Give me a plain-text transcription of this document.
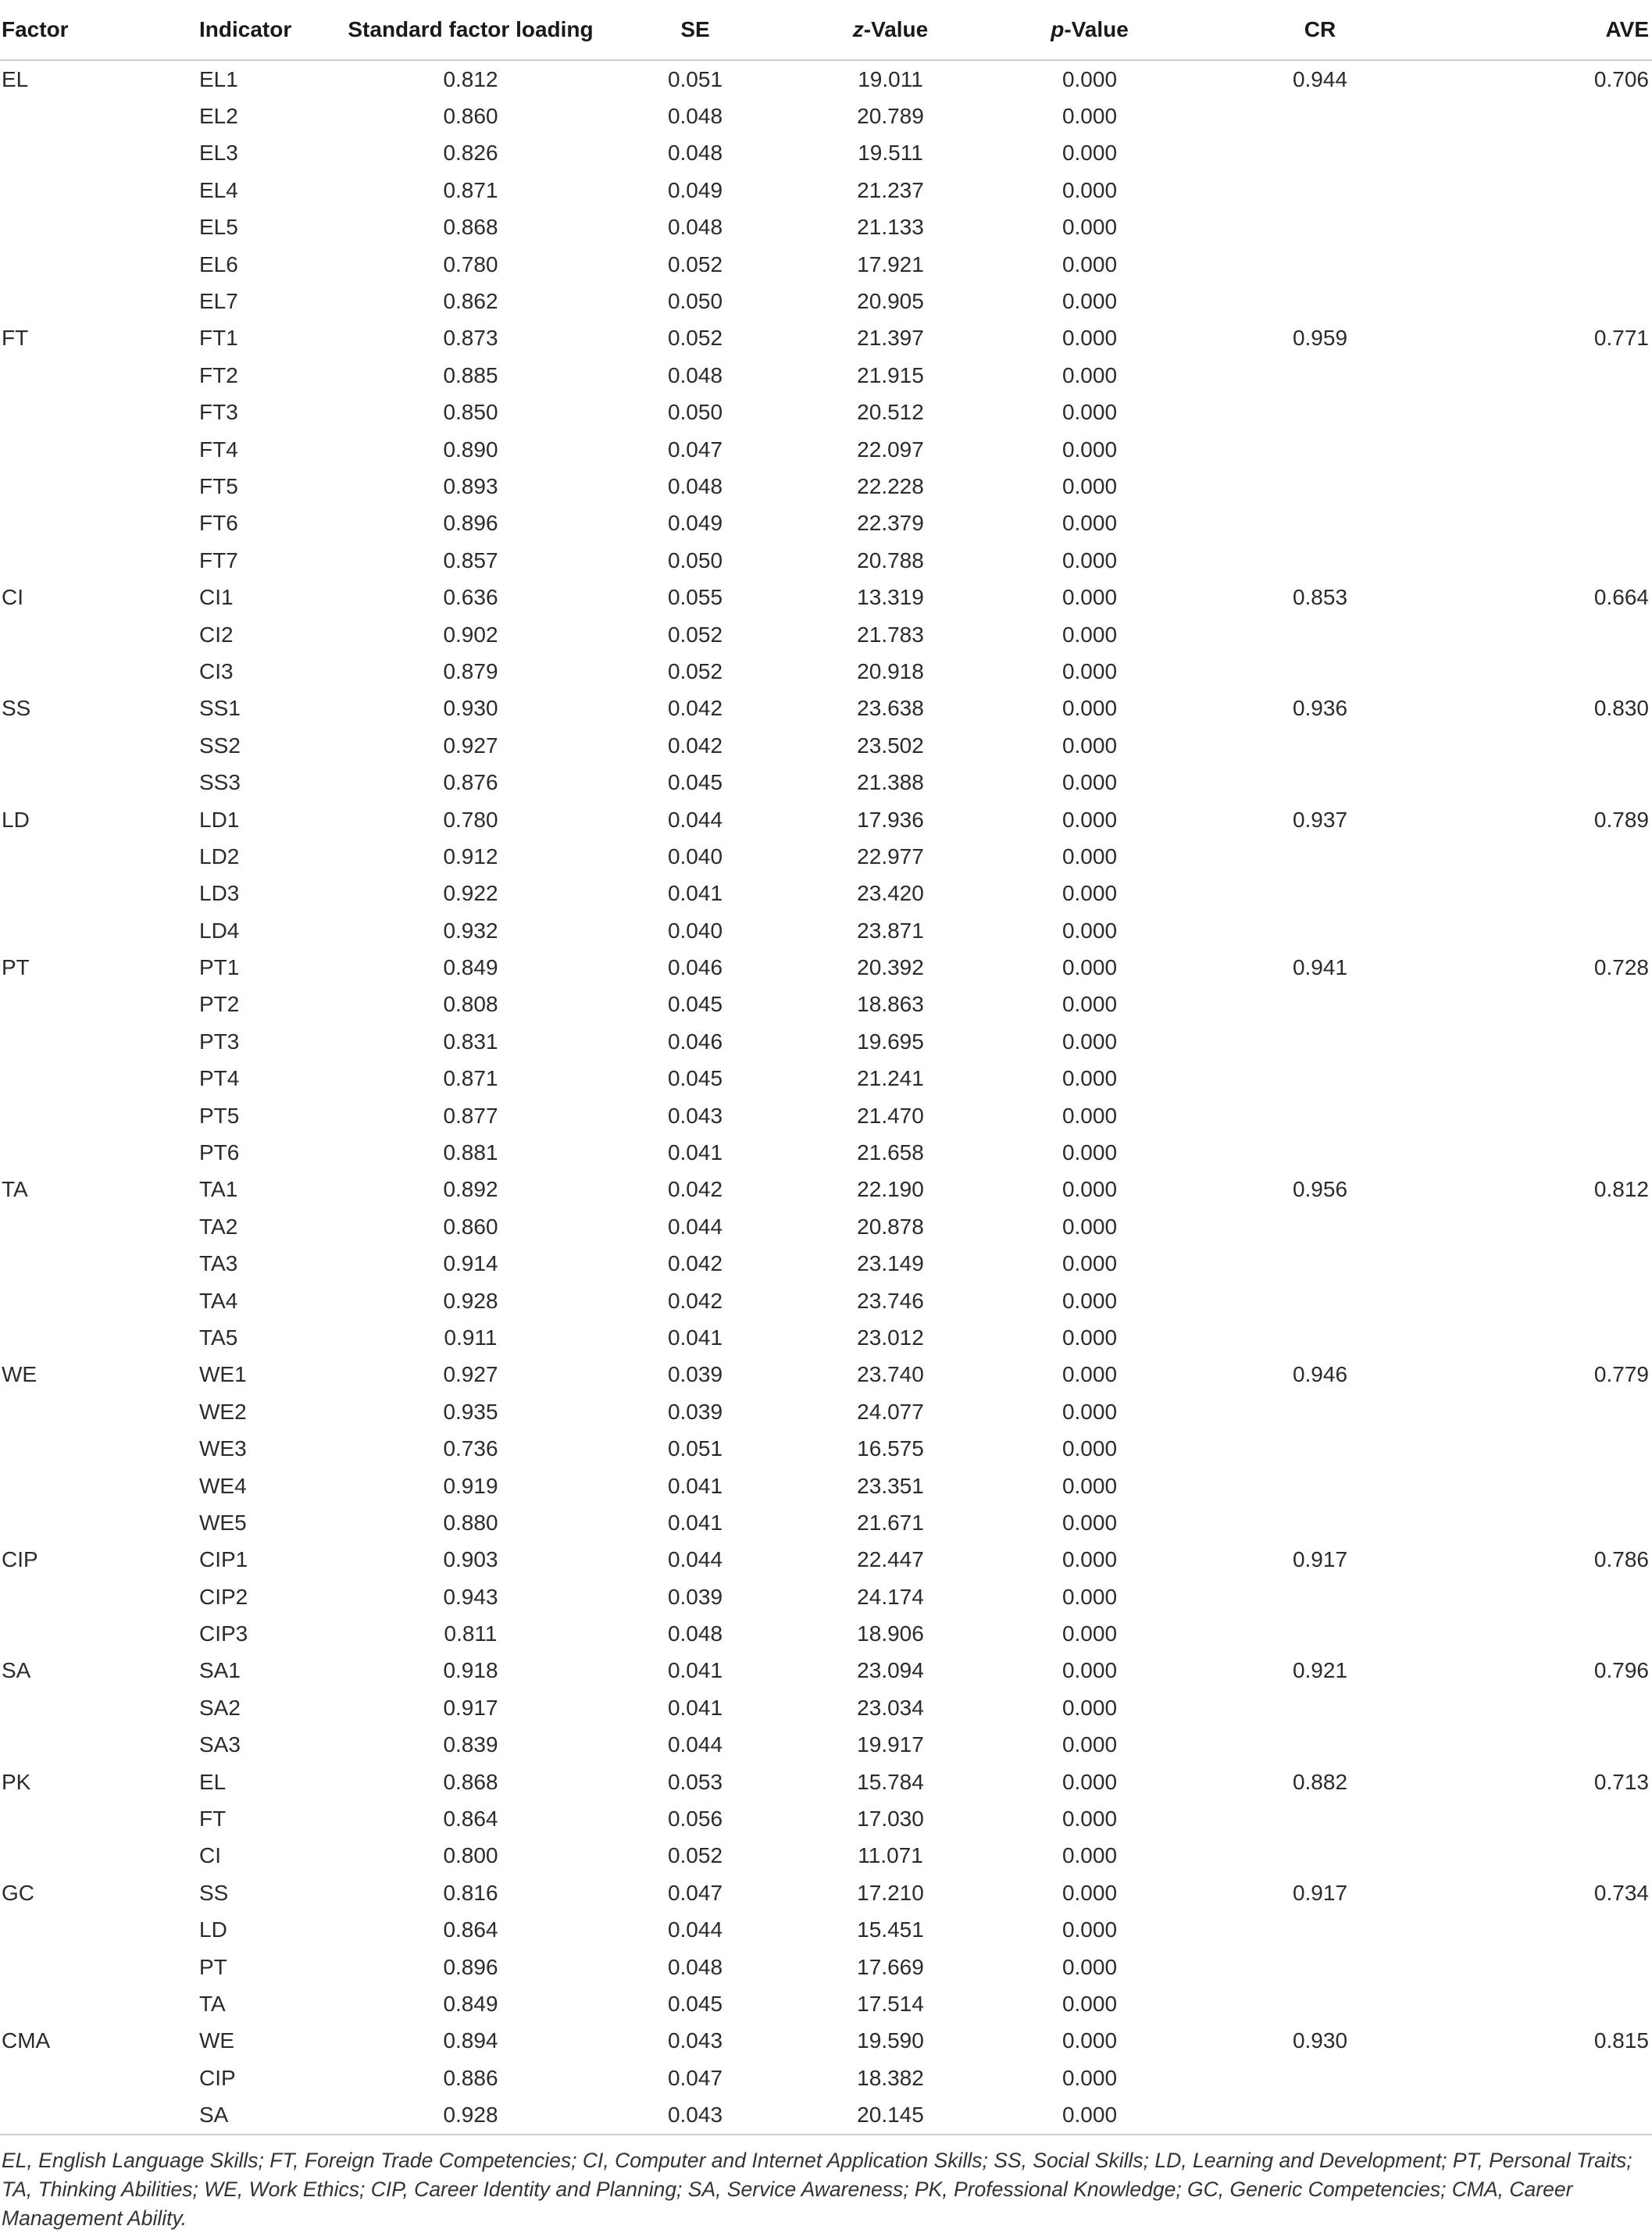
Factor	Indicator	Standard factor loading	SE	z-Value	p-Value	CR	AVE
EL	EL1	0.812	0.051	19.011	0.000	0.944	0.706
	EL2	0.860	0.048	20.789	0.000		
	EL3	0.826	0.048	19.511	0.000		
	EL4	0.871	0.049	21.237	0.000		
	EL5	0.868	0.048	21.133	0.000		
	EL6	0.780	0.052	17.921	0.000		
	EL7	0.862	0.050	20.905	0.000		
FT	FT1	0.873	0.052	21.397	0.000	0.959	0.771
	FT2	0.885	0.048	21.915	0.000		
	FT3	0.850	0.050	20.512	0.000		
	FT4	0.890	0.047	22.097	0.000		
	FT5	0.893	0.048	22.228	0.000		
	FT6	0.896	0.049	22.379	0.000		
	FT7	0.857	0.050	20.788	0.000		
CI	CI1	0.636	0.055	13.319	0.000	0.853	0.664
	CI2	0.902	0.052	21.783	0.000		
	CI3	0.879	0.052	20.918	0.000		
SS	SS1	0.930	0.042	23.638	0.000	0.936	0.830
	SS2	0.927	0.042	23.502	0.000		
	SS3	0.876	0.045	21.388	0.000		
LD	LD1	0.780	0.044	17.936	0.000	0.937	0.789
	LD2	0.912	0.040	22.977	0.000		
	LD3	0.922	0.041	23.420	0.000		
	LD4	0.932	0.040	23.871	0.000		
PT	PT1	0.849	0.046	20.392	0.000	0.941	0.728
	PT2	0.808	0.045	18.863	0.000		
	PT3	0.831	0.046	19.695	0.000		
	PT4	0.871	0.045	21.241	0.000		
	PT5	0.877	0.043	21.470	0.000		
	PT6	0.881	0.041	21.658	0.000		
TA	TA1	0.892	0.042	22.190	0.000	0.956	0.812
	TA2	0.860	0.044	20.878	0.000		
	TA3	0.914	0.042	23.149	0.000		
	TA4	0.928	0.042	23.746	0.000		
	TA5	0.911	0.041	23.012	0.000		
WE	WE1	0.927	0.039	23.740	0.000	0.946	0.779
	WE2	0.935	0.039	24.077	0.000		
	WE3	0.736	0.051	16.575	0.000		
	WE4	0.919	0.041	23.351	0.000		
	WE5	0.880	0.041	21.671	0.000		
CIP	CIP1	0.903	0.044	22.447	0.000	0.917	0.786
	CIP2	0.943	0.039	24.174	0.000		
	CIP3	0.811	0.048	18.906	0.000		
SA	SA1	0.918	0.041	23.094	0.000	0.921	0.796
	SA2	0.917	0.041	23.034	0.000		
	SA3	0.839	0.044	19.917	0.000		
PK	EL	0.868	0.053	15.784	0.000	0.882	0.713
	FT	0.864	0.056	17.030	0.000		
	CI	0.800	0.052	11.071	0.000		
GC	SS	0.816	0.047	17.210	0.000	0.917	0.734
	LD	0.864	0.044	15.451	0.000		
	PT	0.896	0.048	17.669	0.000		
	TA	0.849	0.045	17.514	0.000		
CMA	WE	0.894	0.043	19.590	0.000	0.930	0.815
	CIP	0.886	0.047	18.382	0.000		
	SA	0.928	0.043	20.145	0.000		
EL, English Language Skills; FT, Foreign Trade Competencies; CI, Computer and Internet Application Skills; SS, Social Skills; LD, Learning and Development; PT, Personal Traits; TA, Thinking Abilities; WE, Work Ethics; CIP, Career Identity and Planning; SA, Service Awareness; PK, Professional Knowledge; GC, Generic Competencies; CMA, Career Management Ability.
